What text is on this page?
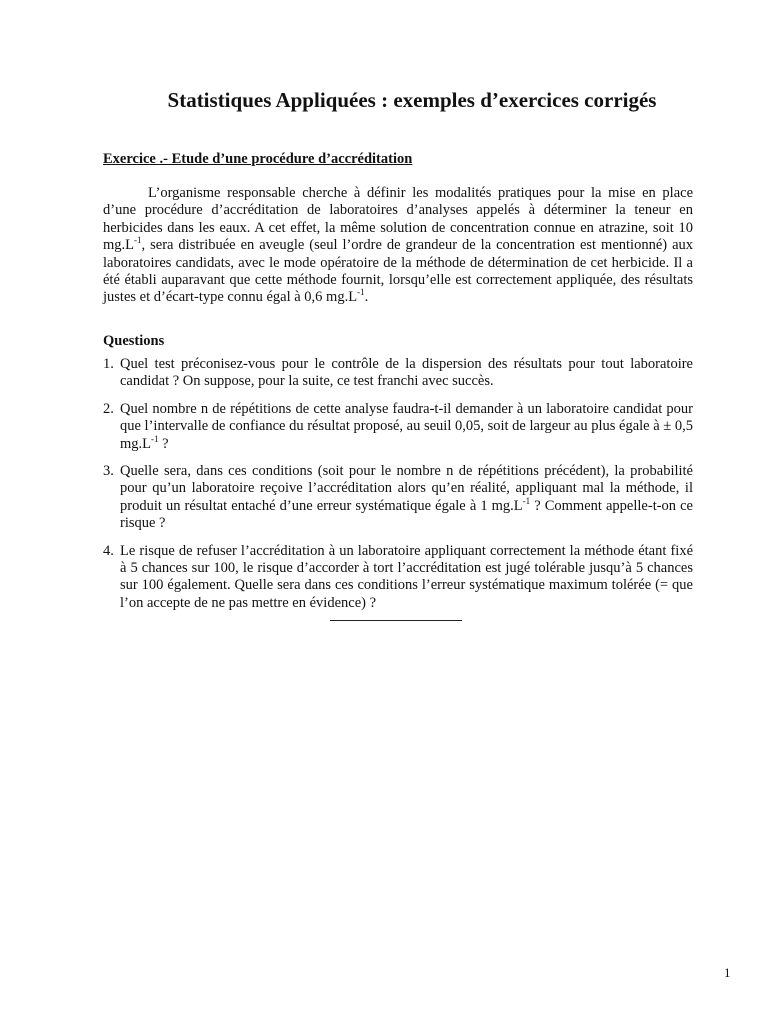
Statistiques Appliquées : exemples d’exercices corrigés
Exercice .- Etude d’une procédure d’accréditation

L’organisme responsable cherche à définir les modalités pratiques pour la mise en place d’une procédure d’accréditation de laboratoires d’analyses appelés à déterminer la teneur en herbicides dans les eaux. A cet effet, la même solution de concentration connue en atrazine, soit 10 $mg.L^{-1}$, sera distribuée en aveugle (seul l’ordre de grandeur de la concentration est mentionné) aux laboratoires candidats, avec le mode opératoire de la méthode de détermination de cet herbicide. Il a été établi auparavant que cette méthode fournit, lorsqu’elle est correctement appliquée, des résultats justes et d’écart-type connu égal à 0,6 $mg.L^{-1}$.

Questions
1. Quel test préconisez-vous pour le contrôle de la dispersion des résultats pour tout laboratoire candidat ? On suppose, pour la suite, ce test franchi avec succès.
2. Quel nombre n de répétitions de cette analyse faudra-t-il demander à un laboratoire candidat pour que l’intervalle de confiance du résultat proposé, au seuil 0,05, soit de largeur au plus égale à ± 0,5 $mg.L^{-1}$ ?
3. Quelle sera, dans ces conditions (soit pour le nombre n de répétitions précédent), la probabilité pour qu’un laboratoire reçoive l’accréditation alors qu’en réalité, appliquant mal la méthode, il produit un résultat entaché d’une erreur systématique égale à 1 $mg.L^{-1}$ ? Comment appelle-t-on ce risque ?
4. Le risque de refuser l’accréditation à un laboratoire appliquant correctement la méthode étant fixé à 5 chances sur 100, le risque d’accorder à tort l’accréditation est jugé tolérable jusqu’à 5 chances sur 100 également. Quelle sera dans ces conditions l’erreur systématique maximum tolérée (= que l’on accepte de ne pas mettre en évidence) ?
1
